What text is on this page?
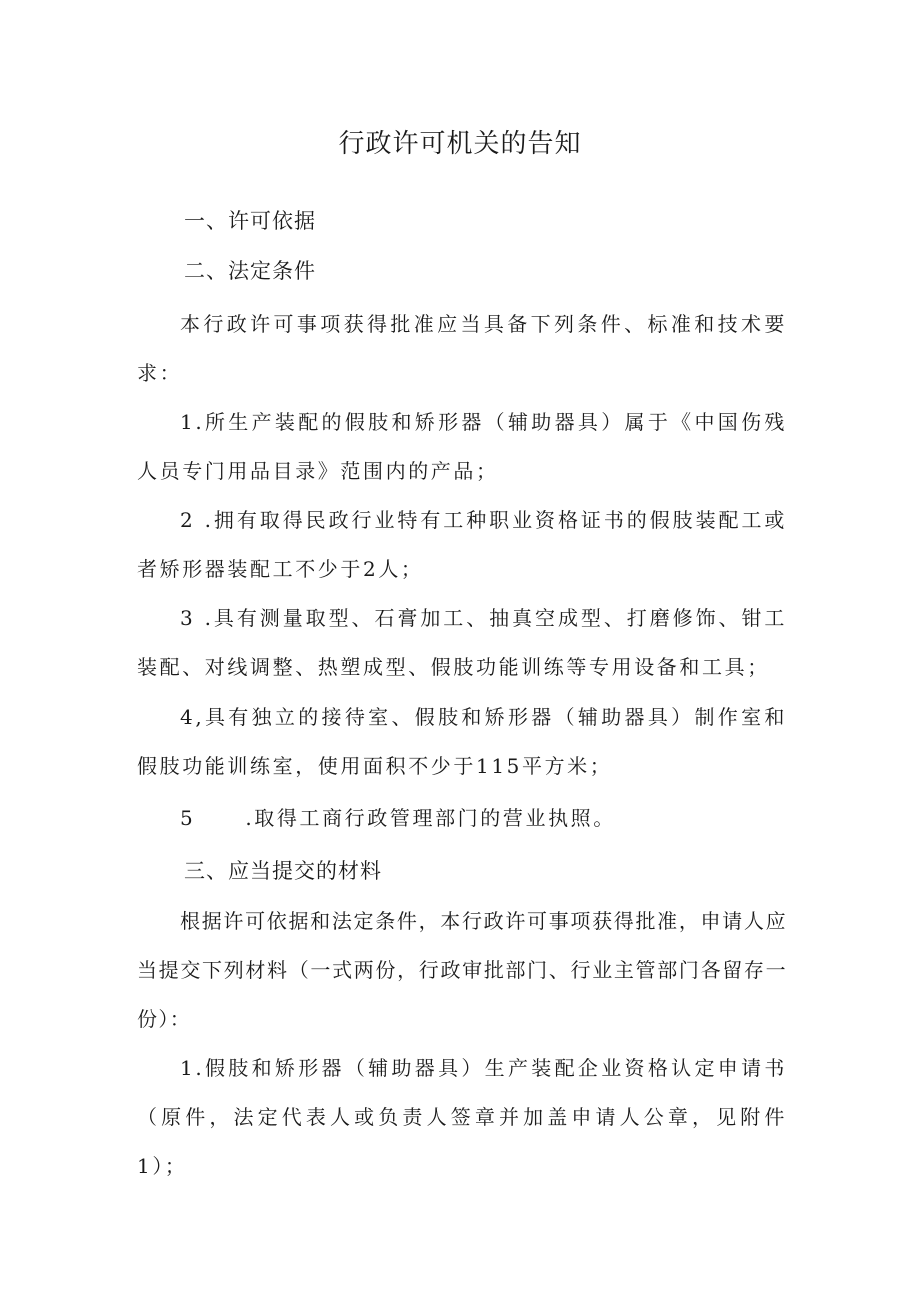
行政许可机关的告知
一、许可依据
二、法定条件
本行政许可事项获得批准应当具备下列条件、标准和技术要求：
1.所生产装配的假肢和矫形器（辅助器具）属于《中国伤残人员专门用品目录》范围内的产品；
2 .拥有取得民政行业特有工种职业资格证书的假肢装配工或者矫形器装配工不少于2人；
3 .具有测量取型、石膏加工、抽真空成型、打磨修饰、钳工装配、对线调整、热塑成型、假肢功能训练等专用设备和工具；
4,具有独立的接待室、假肢和矫形器（辅助器具）制作室和假肢功能训练室，使用面积不少于115平方米；
5	.取得工商行政管理部门的营业执照。
三、应当提交的材料
根据许可依据和法定条件，本行政许可事项获得批准，申请人应当提交下列材料（一式两份，行政审批部门、行业主管部门各留存一份）：
1.假肢和矫形器（辅助器具）生产装配企业资格认定申请书（原件，法定代表人或负责人签章并加盖申请人公章，见附件1）；
